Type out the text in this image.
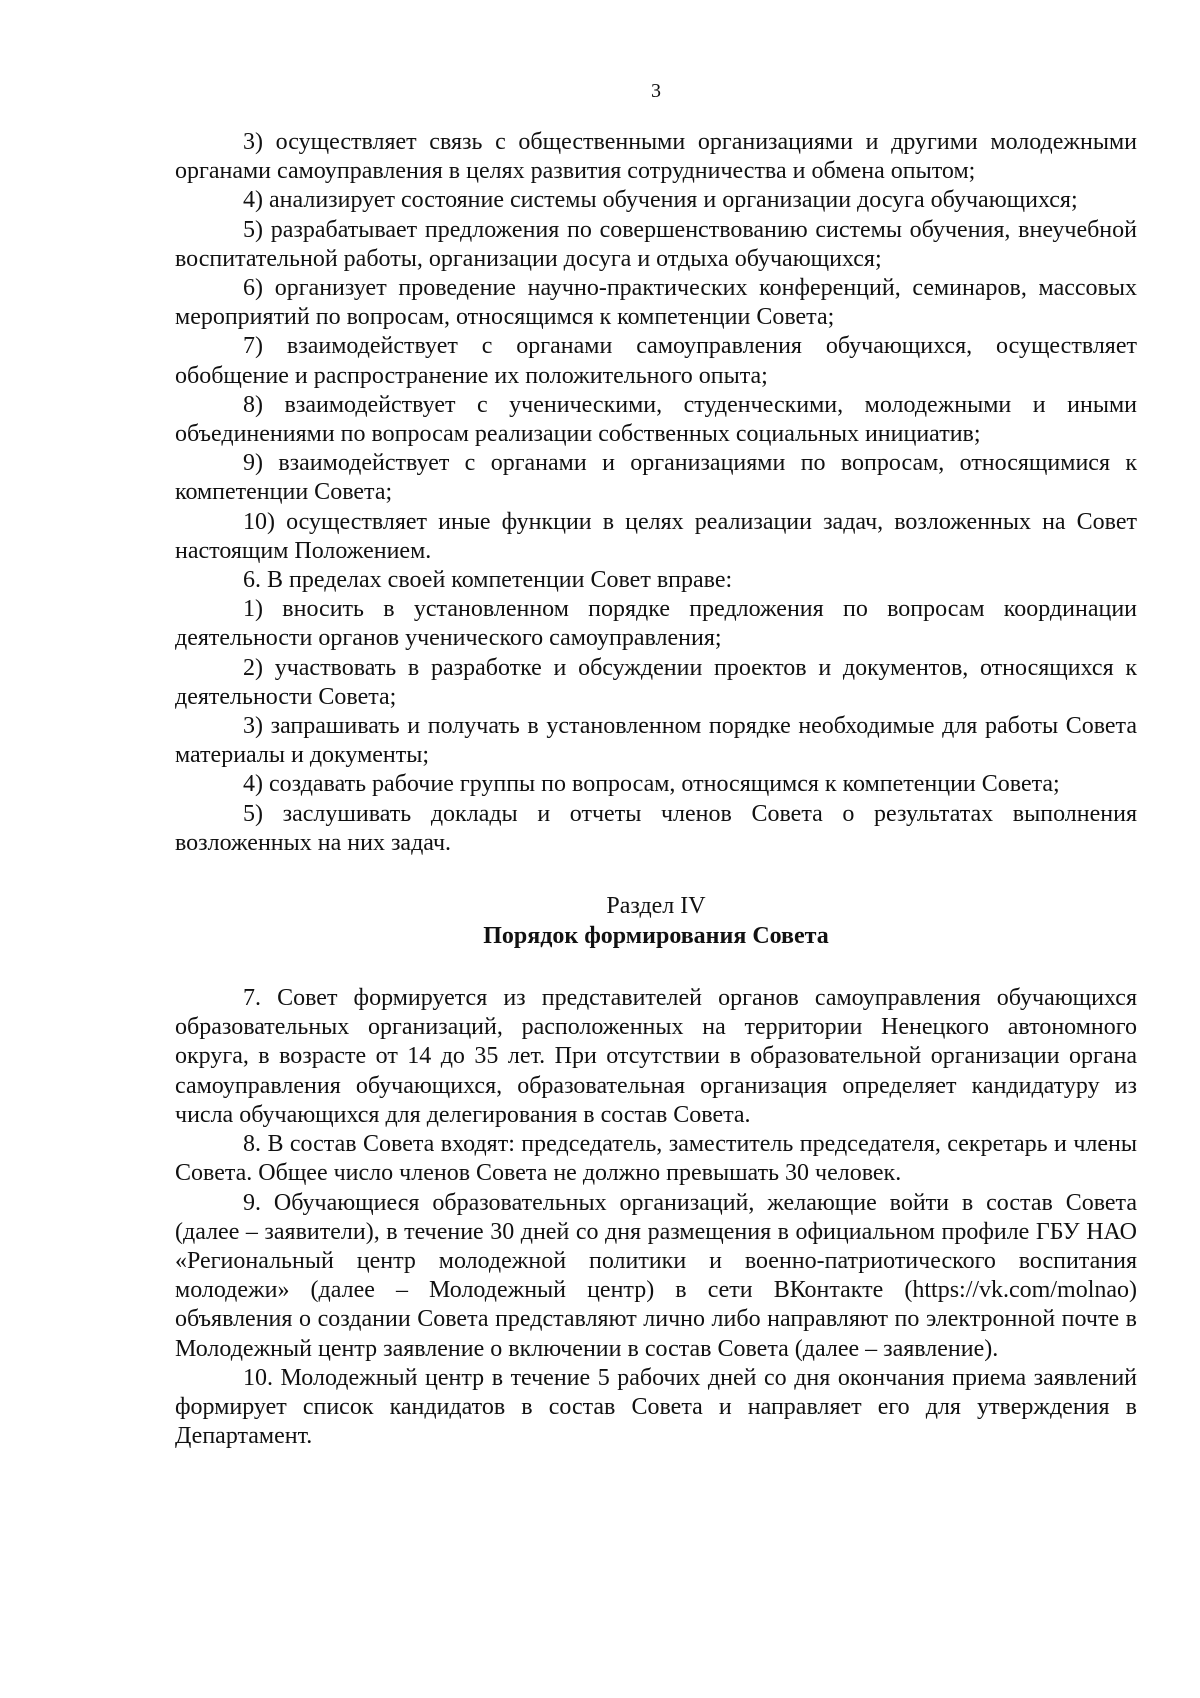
3

3) осуществляет связь с общественными организациями и другими молодежными органами самоуправления в целях развития сотрудничества и обмена опытом;

4) анализирует состояние системы обучения и организации досуга обучающихся;

5) разрабатывает предложения по совершенствованию системы обучения, внеучебной воспитательной работы, организации досуга и отдыха обучающихся;

6) организует проведение научно-практических конференций, семинаров, массовых мероприятий по вопросам, относящимся к компетенции Совета;

7) взаимодействует с органами самоуправления обучающихся, осуществляет обобщение и распространение их положительного опыта;

8) взаимодействует с ученическими, студенческими, молодежными и иными объединениями по вопросам реализации собственных социальных инициатив;

9) взаимодействует с органами и организациями по вопросам, относящимися к компетенции Совета;

10) осуществляет иные функции в целях реализации задач, возложенных на Совет настоящим Положением.

6. В пределах своей компетенции Совет вправе:

1) вносить в установленном порядке предложения по вопросам координации деятельности органов ученического самоуправления;

2) участвовать в разработке и обсуждении проектов и документов, относящихся к деятельности Совета;

3) запрашивать и получать в установленном порядке необходимые для работы Совета материалы и документы;

4) создавать рабочие группы по вопросам, относящимся к компетенции Совета;

5) заслушивать доклады и отчеты членов Совета о результатах выполнения возложенных на них задач.

Раздел IV

Порядок формирования Совета

7. Совет формируется из представителей органов самоуправления обучающихся образовательных организаций, расположенных на территории Ненецкого автономного округа, в возрасте от 14 до 35 лет. При отсутствии в образовательной организации органа самоуправления обучающихся, образовательная организация определяет кандидатуру из числа обучающихся для делегирования в состав Совета.

8. В состав Совета входят: председатель, заместитель председателя, секретарь и члены Совета. Общее число членов Совета не должно превышать 30 человек.

9. Обучающиеся образовательных организаций, желающие войти в состав Совета (далее – заявители), в течение 30 дней со дня размещения в официальном профиле ГБУ НАО «Региональный центр молодежной политики и военно-патриотического воспитания молодежи» (далее – Молодежный центр) в сети ВКонтакте (https://vk.com/molnao) объявления о создании Совета представляют лично либо направляют по электронной почте в Молодежный центр заявление о включении в состав Совета (далее – заявление).

10. Молодежный центр в течение 5 рабочих дней со дня окончания приема заявлений формирует список кандидатов в состав Совета и направляет его для утверждения в Департамент.
